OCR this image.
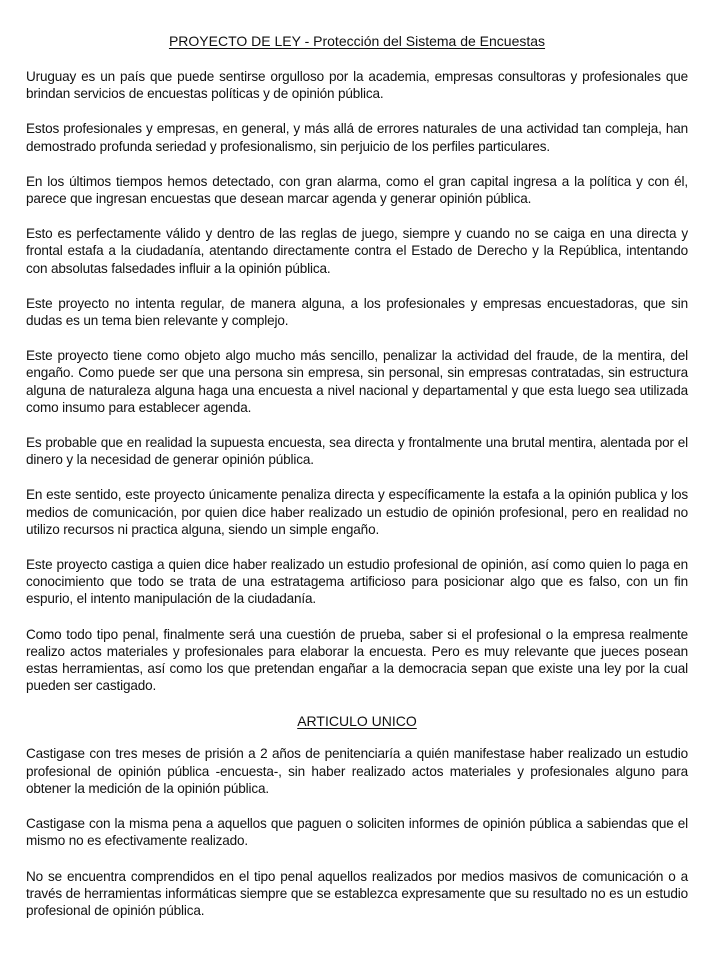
PROYECTO DE LEY - Protección del Sistema de Encuestas

Uruguay es un país que puede sentirse orgulloso por la academia, empresas consultoras y profesionales que brindan servicios de encuestas políticas y de opinión pública.

Estos profesionales y empresas, en general, y más allá de errores naturales de una actividad tan compleja, han demostrado profunda seriedad y profesionalismo, sin perjuicio de los perfiles particulares.

En los últimos tiempos hemos detectado, con gran alarma, como el gran capital ingresa a la política y con él, parece que ingresan encuestas que desean marcar agenda y generar opinión pública.

Esto es perfectamente válido y dentro de las reglas de juego, siempre y cuando no se caiga en una directa y frontal estafa a la ciudadanía, atentando directamente contra el Estado de Derecho y la República, intentando con absolutas falsedades influir a la opinión pública.

Este proyecto no intenta regular, de manera alguna, a los profesionales y empresas encuestadoras, que sin dudas es un tema bien relevante y complejo.

Este proyecto tiene como objeto algo mucho más sencillo, penalizar la actividad del fraude, de la mentira, del engaño. Como puede ser que una persona sin empresa, sin personal, sin empresas contratadas, sin estructura alguna de naturaleza alguna haga una encuesta a nivel nacional y departamental y que esta luego sea utilizada como insumo para establecer agenda.

Es probable que en realidad la supuesta encuesta, sea directa y frontalmente una brutal mentira, alentada por el dinero y la necesidad de generar opinión pública.

En este sentido, este proyecto únicamente penaliza directa y específicamente la estafa a la opinión publica y los medios de comunicación, por quien dice haber realizado un estudio de opinión profesional, pero en realidad no utilizo recursos ni practica alguna, siendo un simple engaño.

Este proyecto castiga a quien dice haber realizado un estudio profesional de opinión, así como quien lo paga en conocimiento que todo se trata de una estratagema artificioso para posicionar algo que es falso, con un fin espurio, el intento manipulación de la ciudadanía.

Como todo tipo penal, finalmente será una cuestión de prueba, saber si el profesional o la empresa realmente realizo actos materiales y profesionales para elaborar la encuesta. Pero es muy relevante que jueces posean estas herramientas, así como los que pretendan engañar a la democracia sepan que existe una ley por la cual pueden ser castigado.

ARTICULO UNICO

Castigase con tres meses de prisión a 2 años de penitenciaría a quién manifestase haber realizado un estudio profesional de opinión pública -encuesta-, sin haber realizado actos materiales y profesionales alguno para obtener la medición de la opinión pública.

Castigase con la misma pena a aquellos que paguen o soliciten informes de opinión pública a sabiendas que el mismo no es efectivamente realizado.

No se encuentra comprendidos en el tipo penal aquellos realizados por medios masivos de comunicación o a través de herramientas informáticas siempre que se establezca expresamente que su resultado no es un estudio profesional de opinión pública.
